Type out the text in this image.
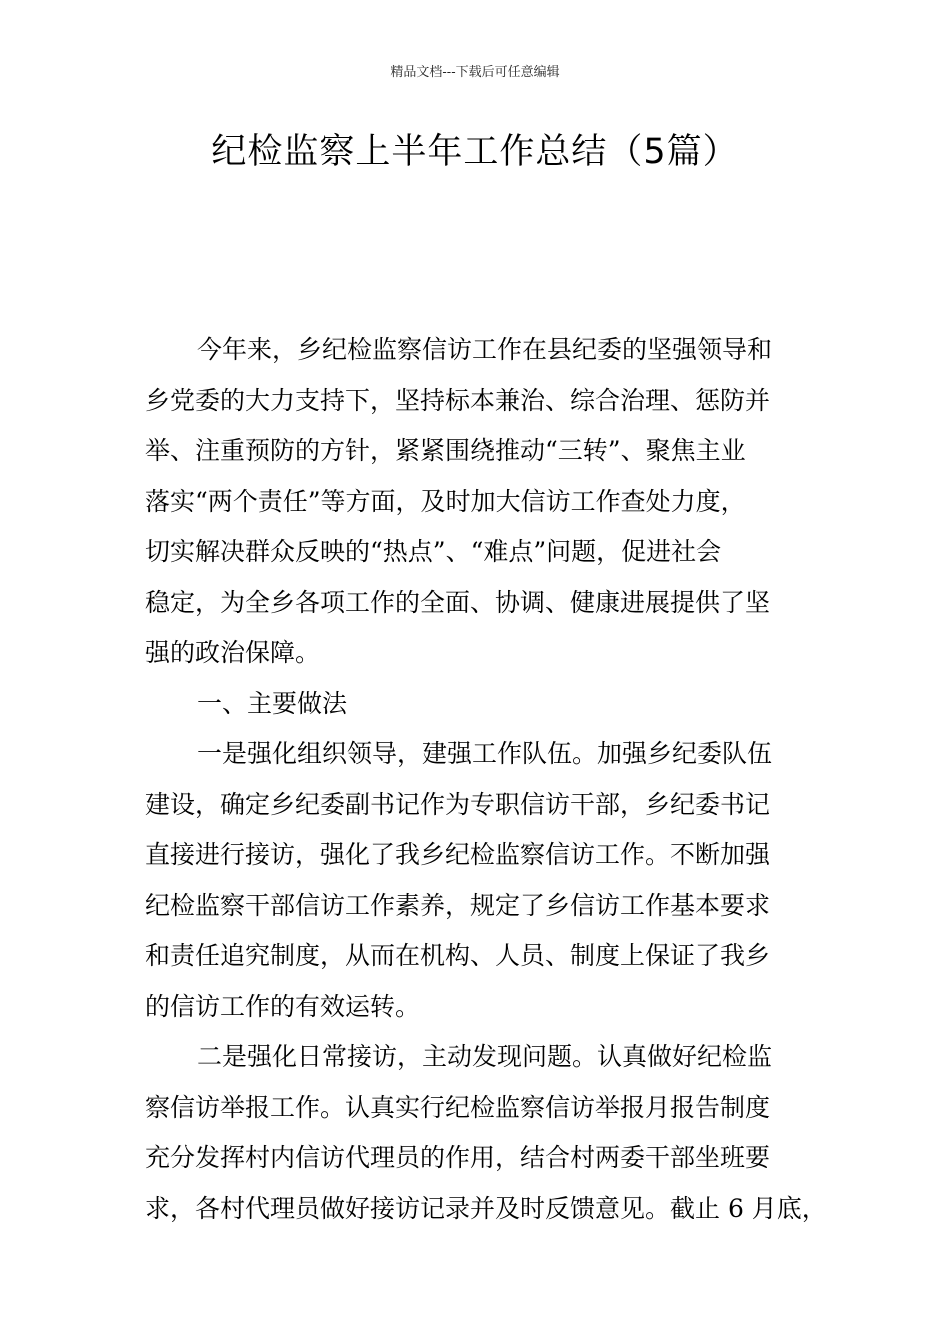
精品文档---下载后可任意编辑
纪检监察上半年工作总结（5篇）
今年来，乡纪检监察信访工作在县纪委的坚强领导和
乡党委的大力支持下，坚持标本兼治、综合治理、惩防并
举、注重预防的方针，紧紧围绕推动“三转”、聚焦主业
落实“两个责任”等方面，及时加大信访工作查处力度，
切实解决群众反映的“热点”、“难点”问题，促进社会
稳定，为全乡各项工作的全面、协调、健康进展提供了坚
强的政治保障。
一、主要做法
一是强化组织领导，建强工作队伍。加强乡纪委队伍
建设，确定乡纪委副书记作为专职信访干部，乡纪委书记
直接进行接访，强化了我乡纪检监察信访工作。不断加强
纪检监察干部信访工作素养，规定了乡信访工作基本要求
和责任追究制度，从而在机构、人员、制度上保证了我乡
的信访工作的有效运转。
二是强化日常接访，主动发现问题。认真做好纪检监
察信访举报工作。认真实行纪检监察信访举报月报告制度
充分发挥村内信访代理员的作用，结合村两委干部坐班要
求，各村代理员做好接访记录并及时反馈意见。截止 6 月底，
